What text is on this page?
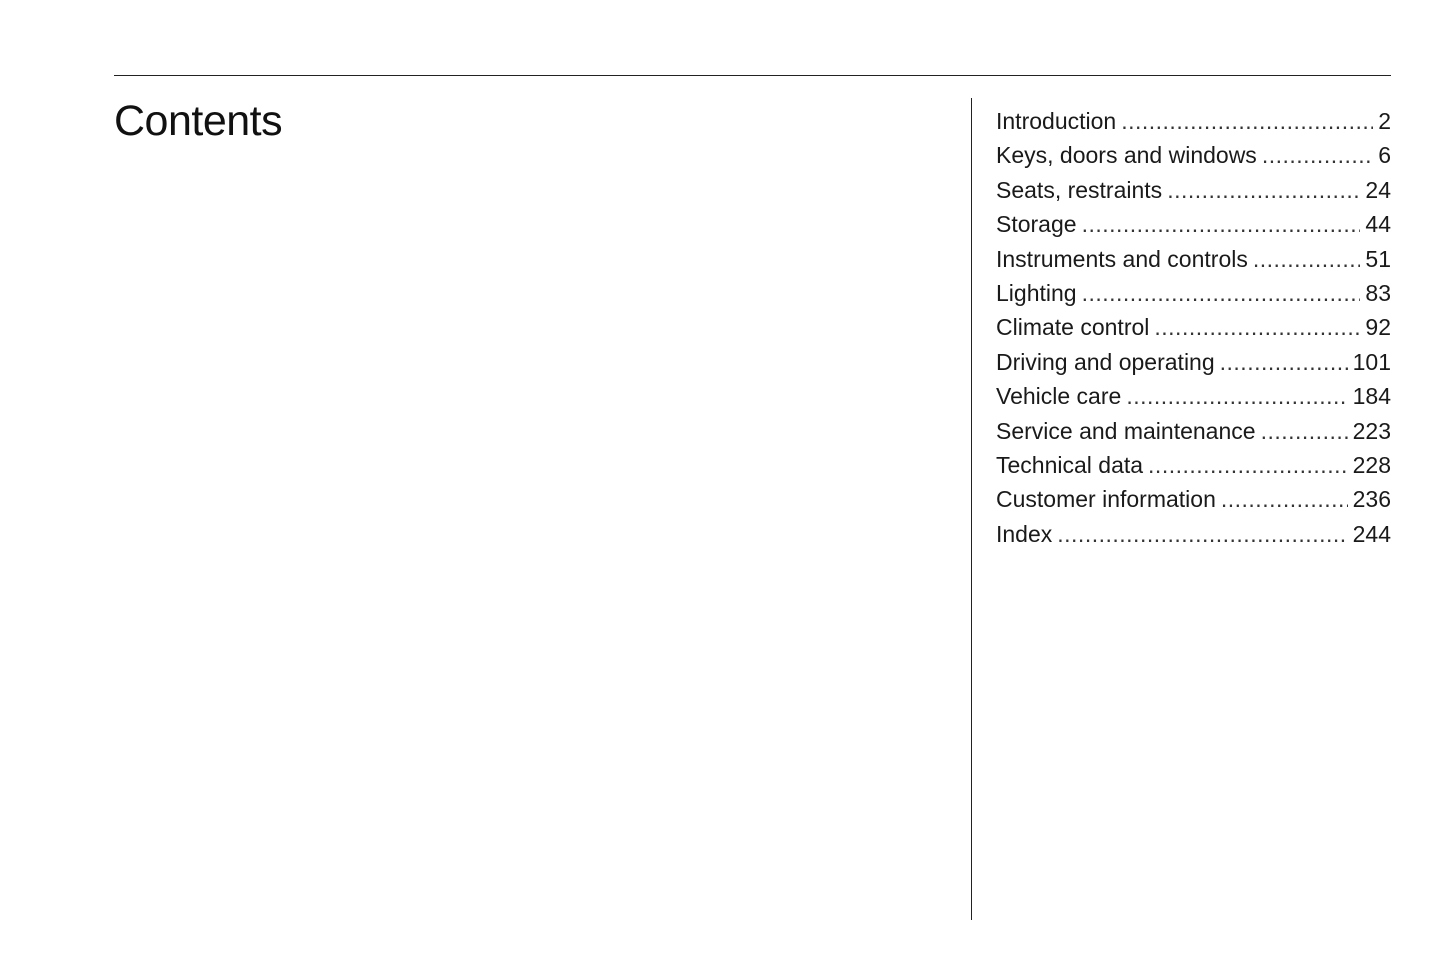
Contents	Introduction .....	2
Keys, doors and windows .....	6
Seats, restraints .....	24
Storage .....	44
Instruments and controls .....	51
Lighting .....	83
Climate control .....	92
Driving and operating .....	101
Vehicle care .....	184
Service and maintenance .....	223
Technical data .....	228
Customer information .....	236
Index .....	244
